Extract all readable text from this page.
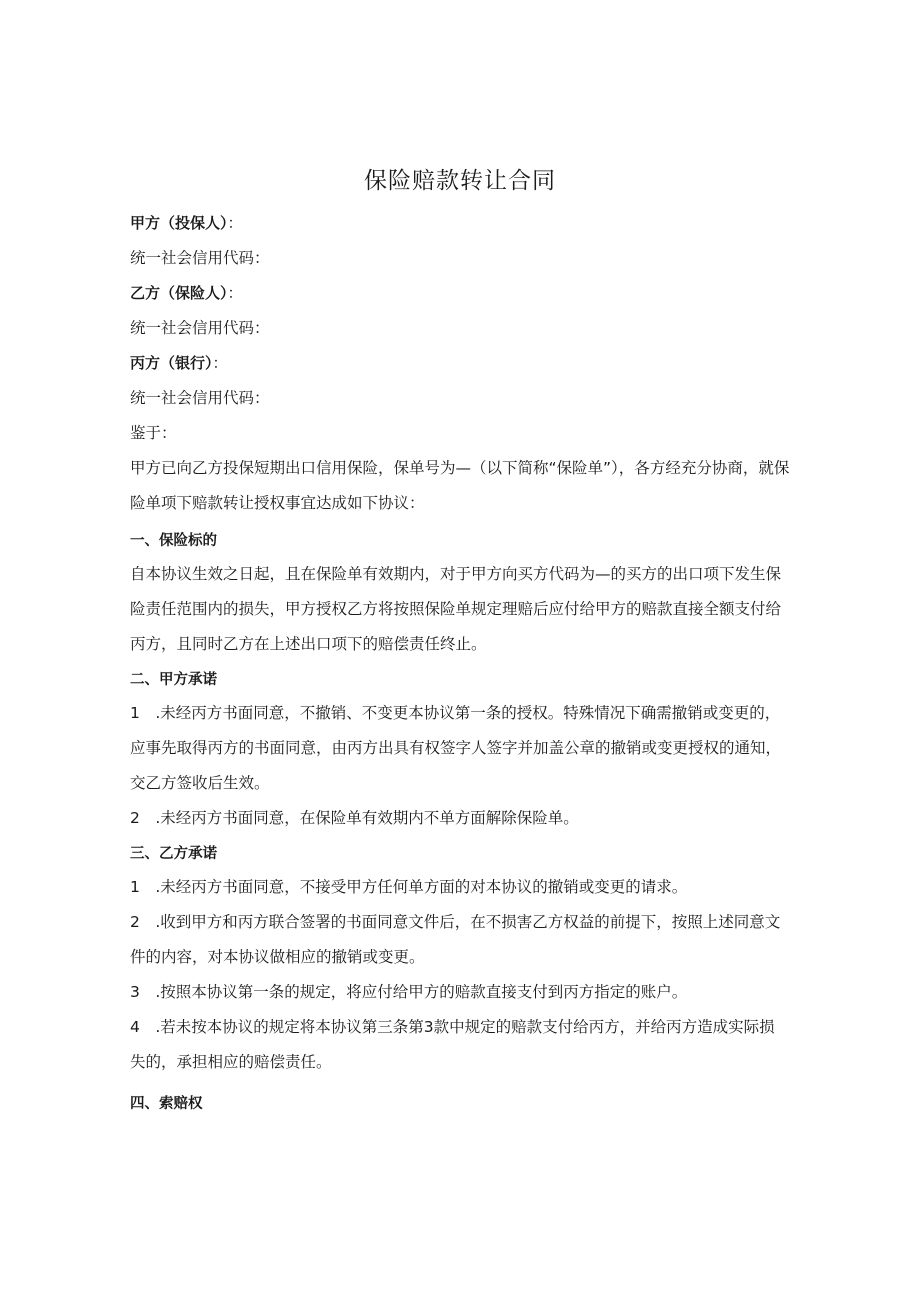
保险赔款转让合同
甲方（投保人）：
统一社会信用代码：
乙方（保险人）：
统一社会信用代码：
丙方（银行）：
统一社会信用代码：
鉴于：
甲方已向乙方投保短期出口信用保险，保单号为—（以下简称“保险单”），各方经充分协商，就保险单项下赔款转让授权事宜达成如下协议：
一、保险标的
自本协议生效之日起，且在保险单有效期内，对于甲方向买方代码为—的买方的出口项下发生保险责任范围内的损失，甲方授权乙方将按照保险单规定理赔后应付给甲方的赔款直接全额支付给丙方，且同时乙方在上述出口项下的赔偿责任终止。
二、甲方承诺
1　.未经丙方书面同意，不撤销、不变更本协议第一条的授权。特殊情况下确需撤销或变更的，应事先取得丙方的书面同意，由丙方出具有权签字人签字并加盖公章的撤销或变更授权的通知，交乙方签收后生效。
2　.未经丙方书面同意，在保险单有效期内不单方面解除保险单。
三、乙方承诺
1　.未经丙方书面同意，不接受甲方任何单方面的对本协议的撤销或变更的请求。
2　.收到甲方和丙方联合签署的书面同意文件后，在不损害乙方权益的前提下，按照上述同意文件的内容，对本协议做相应的撤销或变更。
3　.按照本协议第一条的规定，将应付给甲方的赔款直接支付到丙方指定的账户。
4　.若未按本协议的规定将本协议第三条第3款中规定的赔款支付给丙方，并给丙方造成实际损失的，承担相应的赔偿责任。
四、索赔权
